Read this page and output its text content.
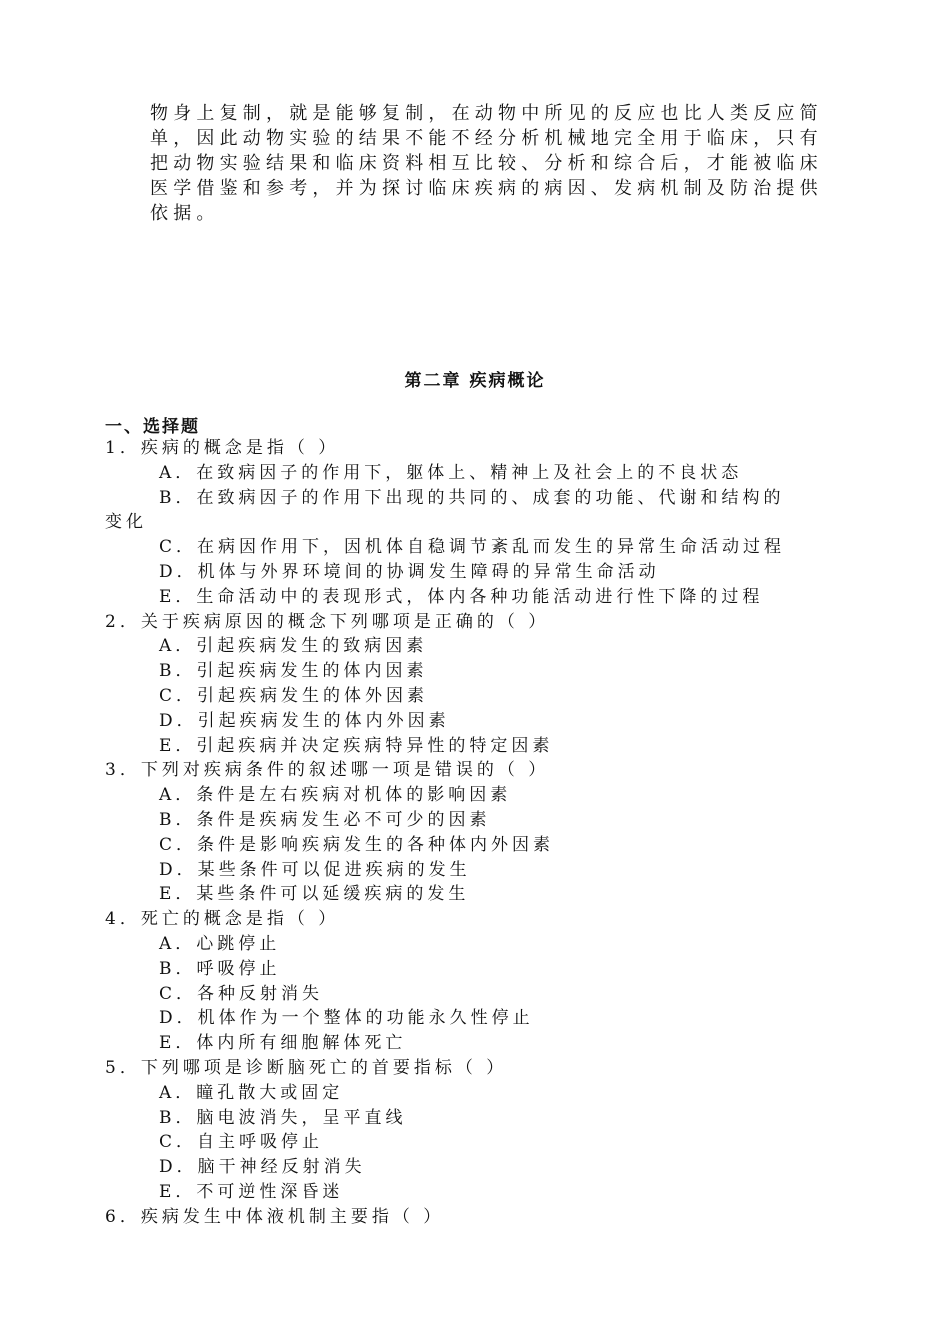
物身上复制，就是能够复制，在动物中所见的反应也比人类反应简
单，因此动物实验的结果不能不经分析机械地完全用于临床，只有
把动物实验结果和临床资料相互比较、分析和综合后，才能被临床
医学借鉴和参考，并为探讨临床疾病的病因、发病机制及防治提供
依据。
第二章 疾病概论
一、选择题
1．疾病的概念是指（ ）
A．在致病因子的作用下，躯体上、精神上及社会上的不良状态
B．在致病因子的作用下出现的共同的、成套的功能、代谢和结构的
变化
C．在病因作用下，因机体自稳调节紊乱而发生的异常生命活动过程
D．机体与外界环境间的协调发生障碍的异常生命活动
E．生命活动中的表现形式，体内各种功能活动进行性下降的过程
2．关于疾病原因的概念下列哪项是正确的（ ）
A．引起疾病发生的致病因素
B．引起疾病发生的体内因素
C．引起疾病发生的体外因素
D．引起疾病发生的体内外因素
E．引起疾病并决定疾病特异性的特定因素
3．下列对疾病条件的叙述哪一项是错误的（ ）
A．条件是左右疾病对机体的影响因素
B．条件是疾病发生必不可少的因素
C．条件是影响疾病发生的各种体内外因素
D．某些条件可以促进疾病的发生
E．某些条件可以延缓疾病的发生
4．死亡的概念是指（ ）
A．心跳停止
B．呼吸停止
C．各种反射消失
D．机体作为一个整体的功能永久性停止
E．体内所有细胞解体死亡
5．下列哪项是诊断脑死亡的首要指标（ ）
A．瞳孔散大或固定
B．脑电波消失，呈平直线
C．自主呼吸停止
D．脑干神经反射消失
E．不可逆性深昏迷
6．疾病发生中体液机制主要指（ ）
